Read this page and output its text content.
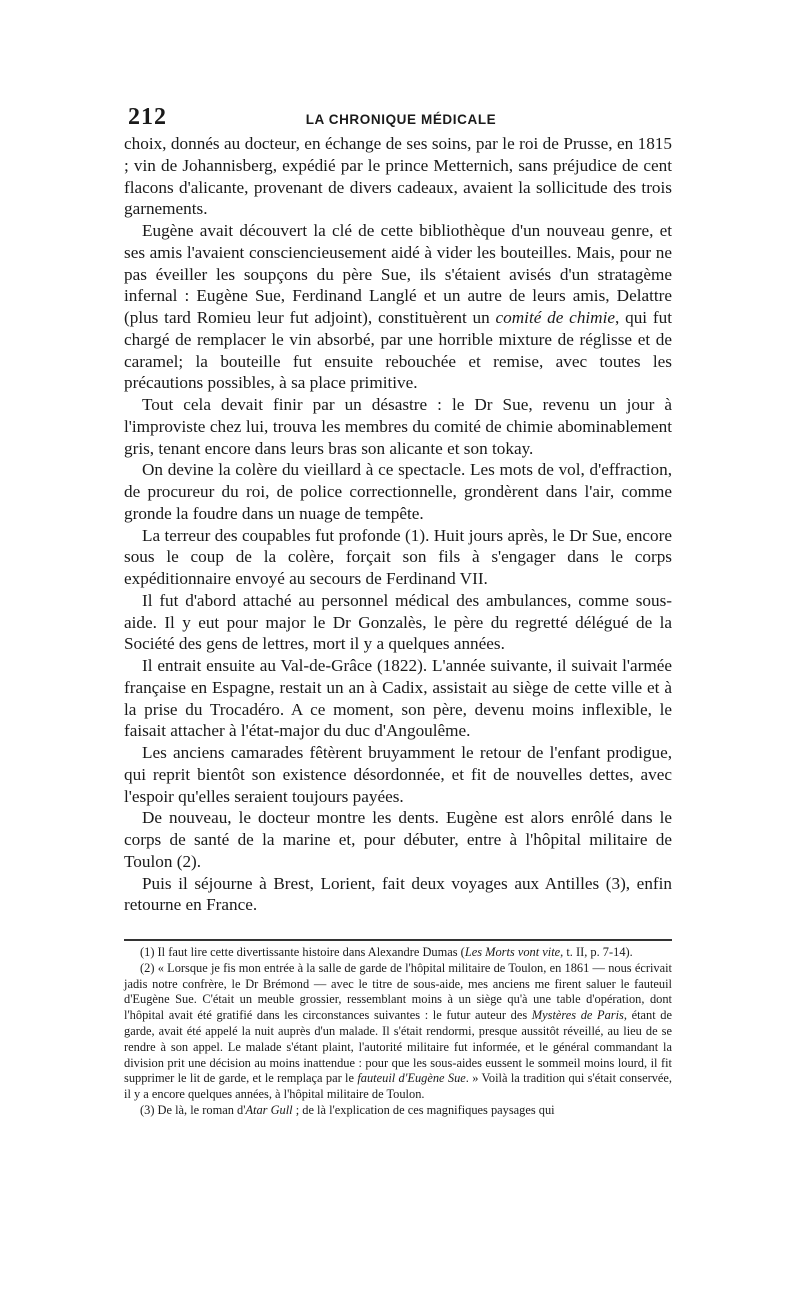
212	LA CHRONIQUE MÉDICALE

choix, donnés au docteur, en échange de ses soins, par le roi de Prusse, en 1815 ; vin de Johannisberg, expédié par le prince Metternich, sans préjudice de cent flacons d'alicante, provenant de divers cadeaux, avaient la sollicitude des trois garnements.

Eugène avait découvert la clé de cette bibliothèque d'un nouveau genre, et ses amis l'avaient consciencieusement aidé à vider les bouteilles. Mais, pour ne pas éveiller les soupçons du père Sue, ils s'étaient avisés d'un stratagème infernal : Eugène Sue, Ferdinand Langlé et un autre de leurs amis, Delattre (plus tard Romieu leur fut adjoint), constituèrent un comité de chimie, qui fut chargé de remplacer le vin absorbé, par une horrible mixture de réglisse et de caramel; la bouteille fut ensuite rebouchée et remise, avec toutes les précautions possibles, à sa place primitive.

Tout cela devait finir par un désastre : le Dr Sue, revenu un jour à l'improviste chez lui, trouva les membres du comité de chimie abominablement gris, tenant encore dans leurs bras son alicante et son tokay.

On devine la colère du vieillard à ce spectacle. Les mots de vol, d'effraction, de procureur du roi, de police correctionnelle, grondèrent dans l'air, comme gronde la foudre dans un nuage de tempête.

La terreur des coupables fut profonde (1). Huit jours après, le Dr Sue, encore sous le coup de la colère, forçait son fils à s'engager dans le corps expéditionnaire envoyé au secours de Ferdinand VII.

Il fut d'abord attaché au personnel médical des ambulances, comme sous-aide. Il y eut pour major le Dr Gonzalès, le père du regretté délégué de la Société des gens de lettres, mort il y a quelques années.

Il entrait ensuite au Val-de-Grâce (1822). L'année suivante, il suivait l'armée française en Espagne, restait un an à Cadix, assistait au siège de cette ville et à la prise du Trocadéro. A ce moment, son père, devenu moins inflexible, le faisait attacher à l'état-major du duc d'Angoulême.

Les anciens camarades fêtèrent bruyamment le retour de l'enfant prodigue, qui reprit bientôt son existence désordonnée, et fit de nouvelles dettes, avec l'espoir qu'elles seraient toujours payées.

De nouveau, le docteur montre les dents. Eugène est alors enrôlé dans le corps de santé de la marine et, pour débuter, entre à l'hôpital militaire de Toulon (2).

Puis il séjourne à Brest, Lorient, fait deux voyages aux Antilles (3), enfin retourne en France.

(1) Il faut lire cette divertissante histoire dans Alexandre Dumas (Les Morts vont vite, t. II, p. 7-14).

(2) « Lorsque je fis mon entrée à la salle de garde de l'hôpital militaire de Toulon, en 1861 — nous écrivait jadis notre confrère, le Dr Brémond — avec le titre de sous-aide, mes anciens me firent saluer le fauteuil d'Eugène Sue. C'était un meuble grossier, ressemblant moins à un siège qu'à une table d'opération, dont l'hôpital avait été gratifié dans les circonstances suivantes : le futur auteur des Mystères de Paris, étant de garde, avait été appelé la nuit auprès d'un malade. Il s'était rendormi, presque aussitôt réveillé, au lieu de se rendre à son appel. Le malade s'étant plaint, l'autorité militaire fut informée, et le général commandant la division prit une décision au moins inattendue : pour que les sous-aides eussent le sommeil moins lourd, il fit supprimer le lit de garde, et le remplaça par le fauteuil d'Eugène Sue. » Voilà la tradition qui s'était conservée, il y a encore quelques années, à l'hôpital militaire de Toulon.

(3) De là, le roman d'Atar Gull ; de là l'explication de ces magnifiques paysages qui
